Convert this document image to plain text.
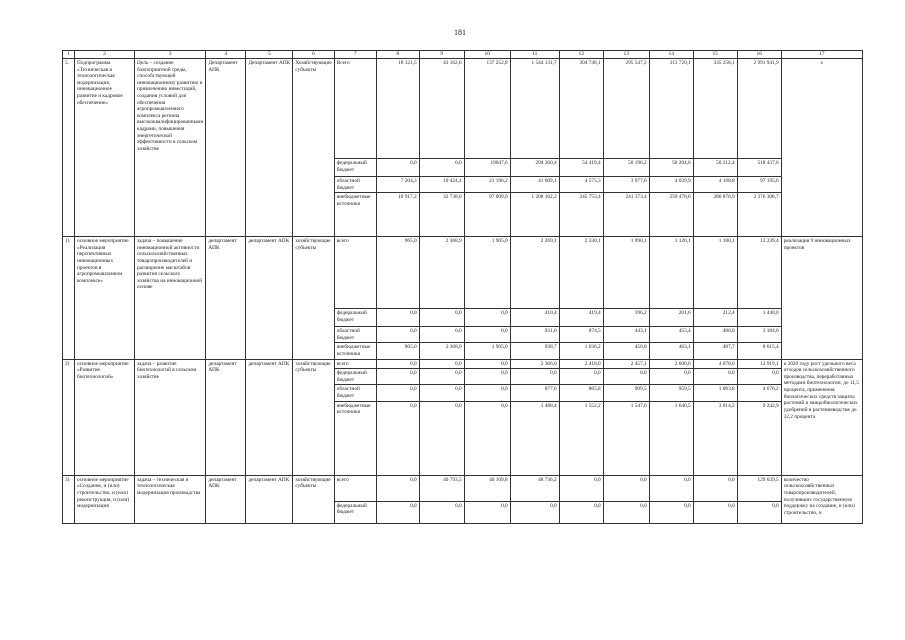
181
1	2	3	4	5	6	7	8	9	10	11	12	13	14	15	16	17
5.	Подпрограмма «Техническая и технологическая модернизация, инновационное развитие и кадровое обеспечение»	Цель – создание благоприятной среды, способствующей инновационному развитию и привлечению инвестиций, создания условий для обеспечения агропромышленного комплекса региона высококвалифицированными кадрами, повышения энергетической эффективности в сельском хозяйстве	Департамент АПК	Департамент АПК	Хозяйствующие субъекты	Всего	18 121,5	43 162,6	137 252,8	1 544 131,7	304 748,1	295 547,2	313 720,1	335 258,1	2 991 941,9	х
						федеральный бюджет	0,0	0,0	19047,6	294 360,4	54 419,4	50 196,2	50 204,6	50 212,4	518 437,6	
						областной бюджет	7 204,3	10 424,4	21 196,2	41 609,1	4 575,3	3 977,6	4 039,9	4 168,8	97 195,6	
						внебюджетные источники	10 917,2	32 738,0	97 009,0	1 208 162,2	245 753,4	241 373,4	259 478,6	280 876,9	2 376 308,7	
1)	основное мероприятие «Реализация перспективных инновационных проектов в агропромышленном комплексе»	задача – повышение инновационной активности сельскохозяйственных товаропроизводителей и расширение масштабов развития сельского хозяйства на инновационной основе	департамент АПК	департамент АПК	хозяйствующие субъекты	всего	965,0	2 368,9	1 905,0	2 269,1	2 330,1	1 090,1	1 120,1	1 180,1	13 239,4	реализация 9 инновационных проектов
						федеральный бюджет	0,0	0,0	0,0	410,4	419,4	196,2	201,6	212,4	1 440,0	
						областной бюджет	0,0	0,0	0,0	931,0	874,5	443,1	455,4	480,0	3 184,0	
						внебюджетные источники	965,0	2 368,9	1 905,0	938,7	1 036,2	450,8	463,1	487,7	8 615,4	
2)	основное мероприятие «Развитие биотехнологий»	задача – развитие биотехнологий в сельском хозяйстве	департамент АПК	департамент АПК	хозяйствующие субъекты	всего	0,0	0,0	0,0	2 366,0	2 418,0	2 457,1	2 600,0	4 078,0	13 919,1	к 2020 году рост удельного веса отходов сельскохозяйственного производства, переработанных методами биотехнологии, до 11,5 процента, применения биологических средств защиты растений и микробиологических удобрений в растениеводстве до 32,2 процента
						федеральный бюджет	0,0	0,0	0,0	0,0	0,0	0,0	0,0	0,0	0,0	
						областной бюджет	0,0	0,0	0,0	877,6	865,8	909,5	959,5	1 063,8	4 676,2	
						внебюджетные источники	0,0	0,0	0,0	1 488,4	1 552,2	1 547,6	1 640,5	3 014,2	9 242,9	
3)	основное мероприятие «Создание, и (или) строительство, и (или) реконструкция, и (или) модернизация	задача – техническая и технологическая модернизация производства	департамент АПК	департамент АПК	хозяйствующие субъекты	всего	0,0	40 793,5	40 109,8	48 736,2	0,0	0,0	0,0	0,0	129 639,5	количество сельскохозяйственных товаропроизводителей, получивших государственную поддержку на создание, и (или) строительство, и
						федеральный бюджет	0,0	0,0	0,0	0,0	0,0	0,0	0,0	0,0	0,0	
